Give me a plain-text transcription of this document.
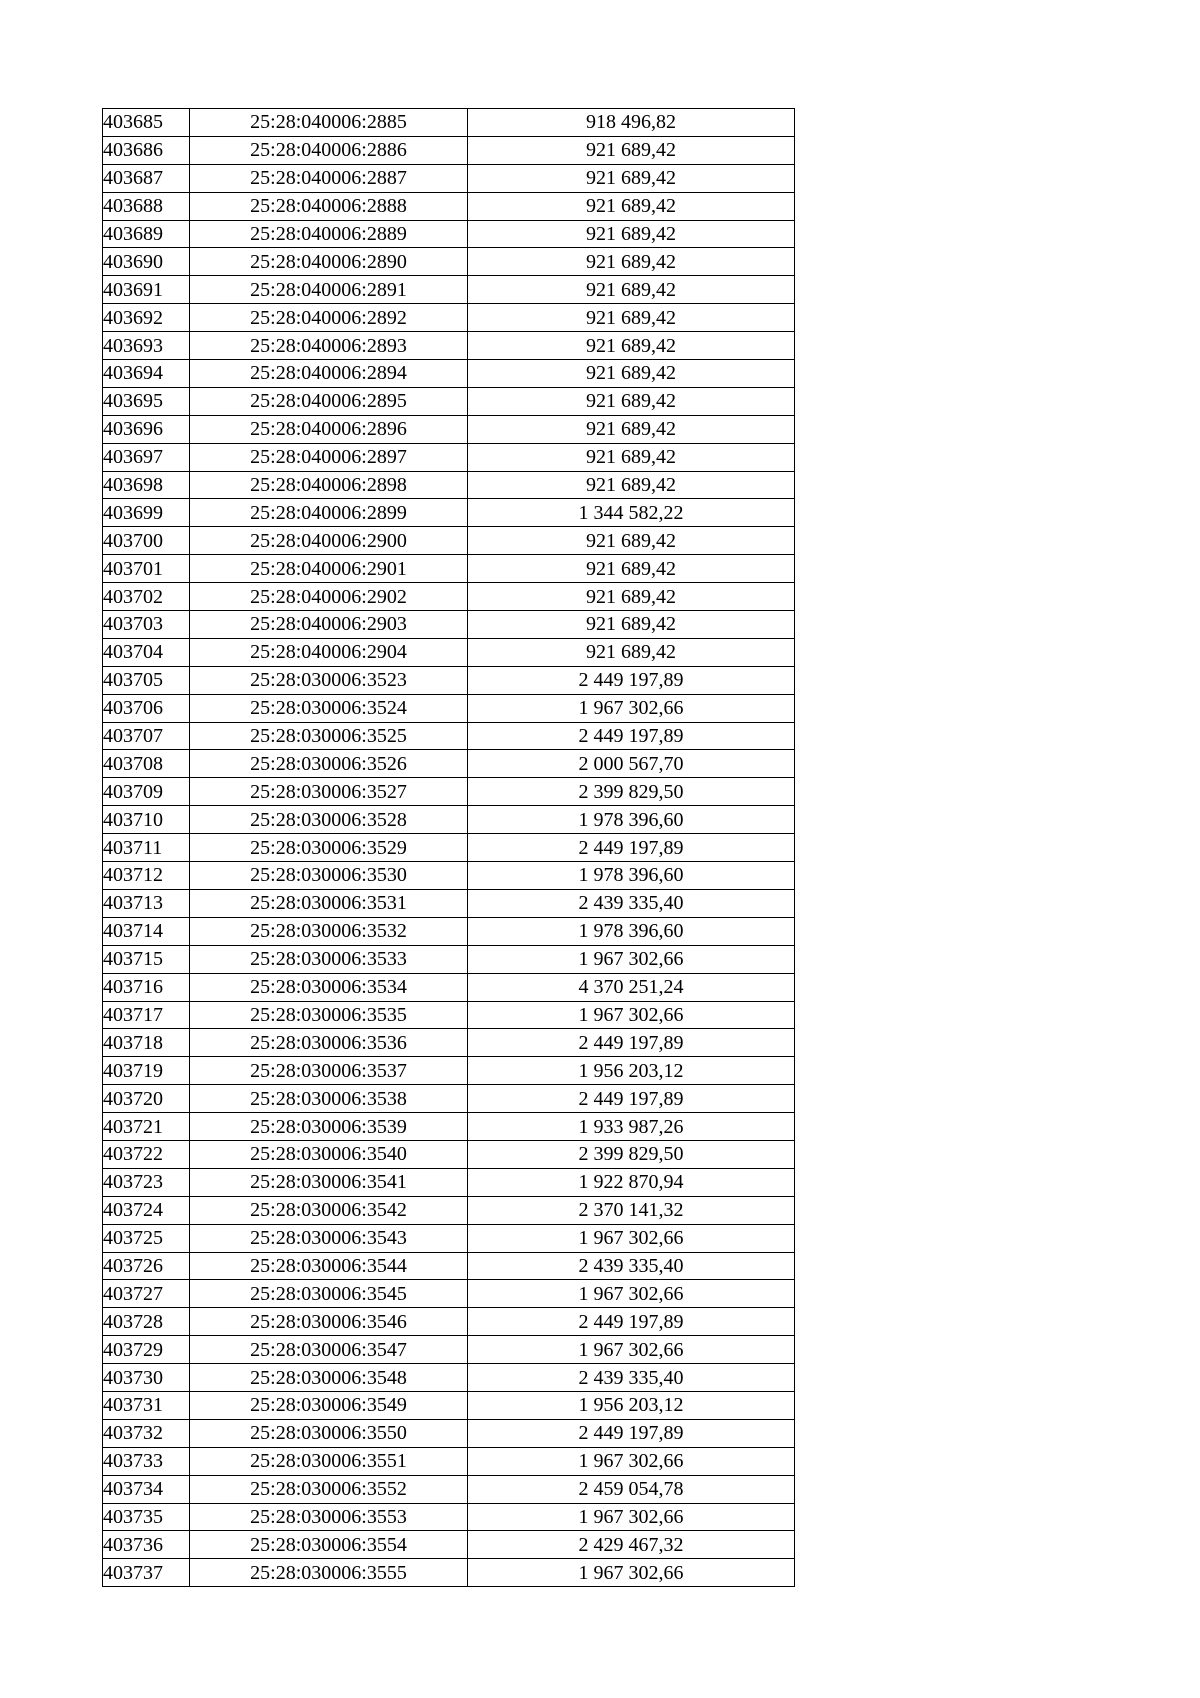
403685	25:28:040006:2885	918 496,82
403686	25:28:040006:2886	921 689,42
403687	25:28:040006:2887	921 689,42
403688	25:28:040006:2888	921 689,42
403689	25:28:040006:2889	921 689,42
403690	25:28:040006:2890	921 689,42
403691	25:28:040006:2891	921 689,42
403692	25:28:040006:2892	921 689,42
403693	25:28:040006:2893	921 689,42
403694	25:28:040006:2894	921 689,42
403695	25:28:040006:2895	921 689,42
403696	25:28:040006:2896	921 689,42
403697	25:28:040006:2897	921 689,42
403698	25:28:040006:2898	921 689,42
403699	25:28:040006:2899	1 344 582,22
403700	25:28:040006:2900	921 689,42
403701	25:28:040006:2901	921 689,42
403702	25:28:040006:2902	921 689,42
403703	25:28:040006:2903	921 689,42
403704	25:28:040006:2904	921 689,42
403705	25:28:030006:3523	2 449 197,89
403706	25:28:030006:3524	1 967 302,66
403707	25:28:030006:3525	2 449 197,89
403708	25:28:030006:3526	2 000 567,70
403709	25:28:030006:3527	2 399 829,50
403710	25:28:030006:3528	1 978 396,60
403711	25:28:030006:3529	2 449 197,89
403712	25:28:030006:3530	1 978 396,60
403713	25:28:030006:3531	2 439 335,40
403714	25:28:030006:3532	1 978 396,60
403715	25:28:030006:3533	1 967 302,66
403716	25:28:030006:3534	4 370 251,24
403717	25:28:030006:3535	1 967 302,66
403718	25:28:030006:3536	2 449 197,89
403719	25:28:030006:3537	1 956 203,12
403720	25:28:030006:3538	2 449 197,89
403721	25:28:030006:3539	1 933 987,26
403722	25:28:030006:3540	2 399 829,50
403723	25:28:030006:3541	1 922 870,94
403724	25:28:030006:3542	2 370 141,32
403725	25:28:030006:3543	1 967 302,66
403726	25:28:030006:3544	2 439 335,40
403727	25:28:030006:3545	1 967 302,66
403728	25:28:030006:3546	2 449 197,89
403729	25:28:030006:3547	1 967 302,66
403730	25:28:030006:3548	2 439 335,40
403731	25:28:030006:3549	1 956 203,12
403732	25:28:030006:3550	2 449 197,89
403733	25:28:030006:3551	1 967 302,66
403734	25:28:030006:3552	2 459 054,78
403735	25:28:030006:3553	1 967 302,66
403736	25:28:030006:3554	2 429 467,32
403737	25:28:030006:3555	1 967 302,66
